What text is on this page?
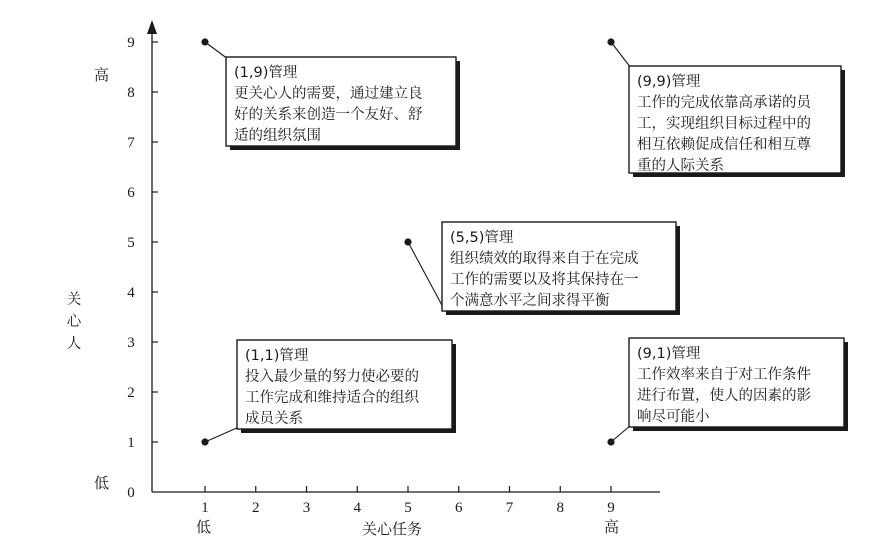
0
1
2
3
4
5
6
7
8
9
1	2	3	4	5	6	7	8	9
关心人
关心任务
高
低
低	高
(1,9)管理
更关心人的需要，通过建立良
好的关系来创造一个友好、舒
适的组织氛围
(9,9)管理
工作的完成依靠高承诺的员
工，实现组织目标过程中的
相互依赖促成信任和相互尊
重的人际关系
(5,5)管理
组织绩效的取得来自于在完成
工作的需要以及将其保持在一
个满意水平之间求得平衡
(1,1)管理
投入最少量的努力使必要的
工作完成和维持适合的组织
成员关系
(9,1)管理
工作效率来自于对工作条件
进行布置，使人的因素的影
响尽可能小
